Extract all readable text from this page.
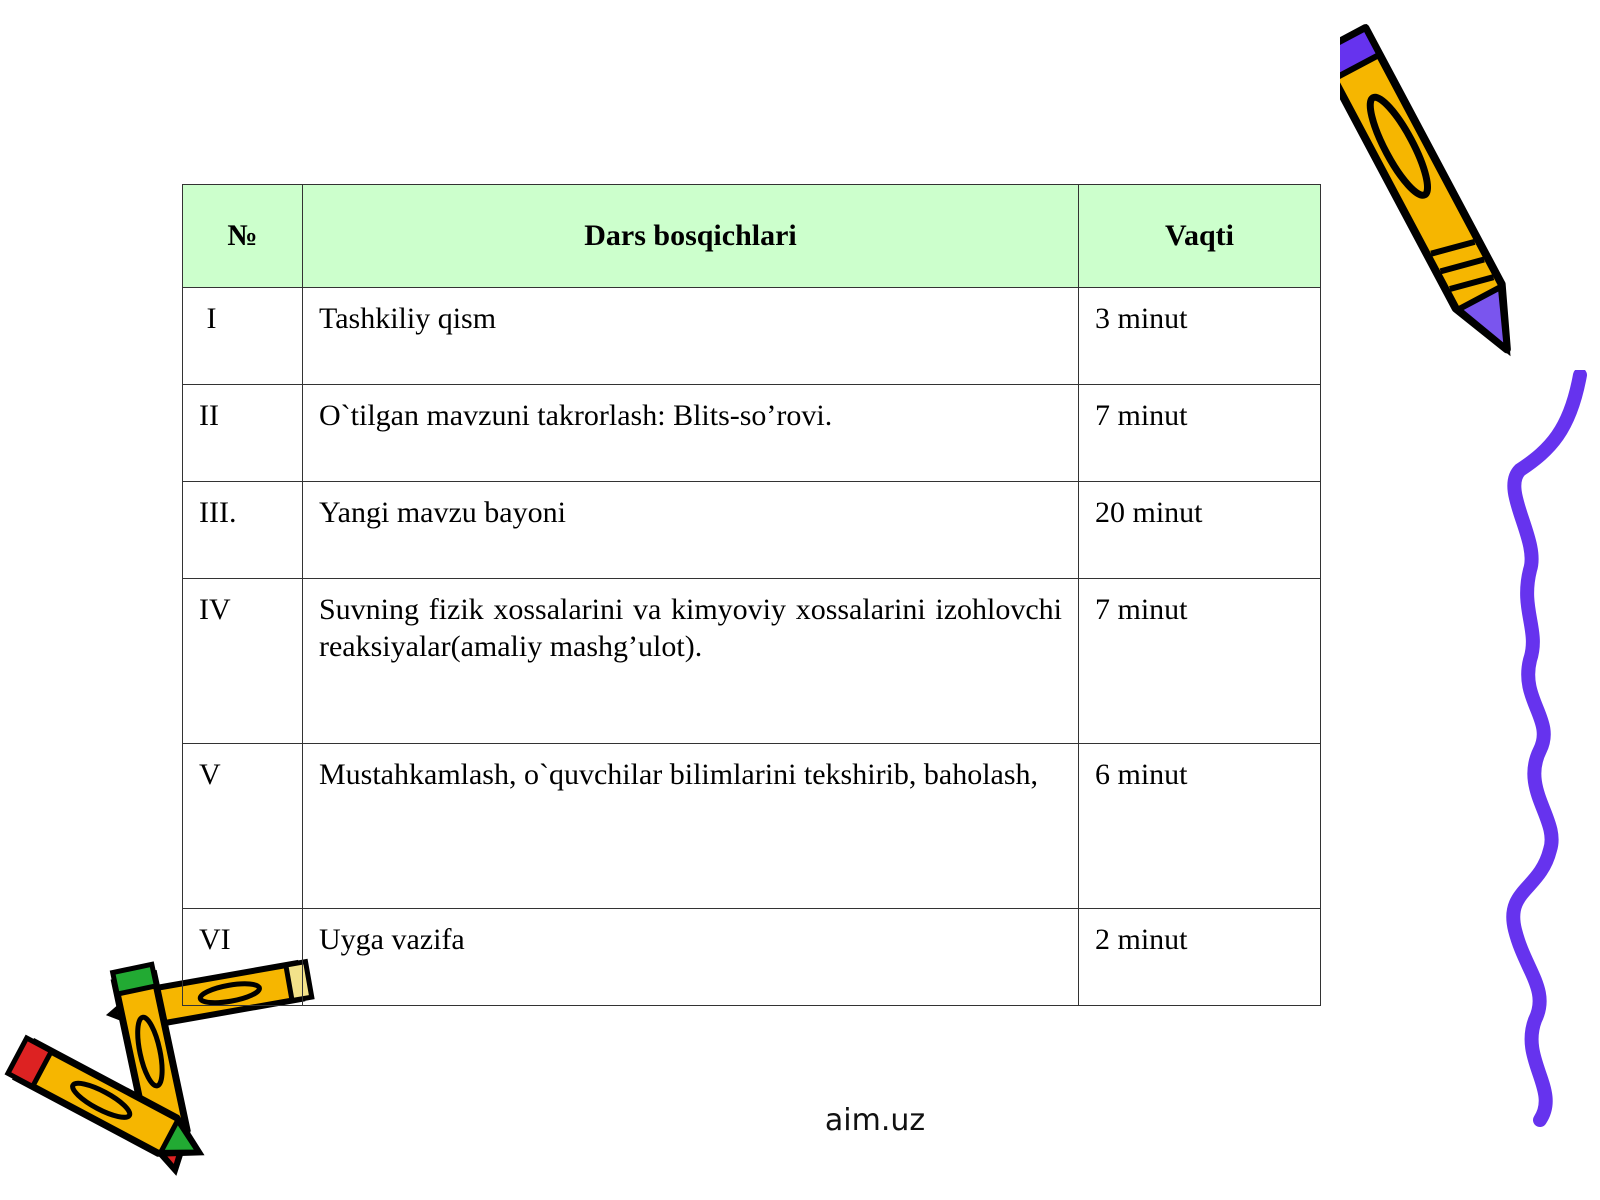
№	Dars bosqichlari	Vaqti
I	Tashkiliy qism	3 minut
II	O`tilgan mavzuni takrorlash: Blits-so’rovi.	7 minut
III.	Yangi mavzu bayoni	20 minut
IV	Suvning fizik xossalarini va kimyoviy xossalarini izohlovchi reaksiyalar(amaliy mashg’ulot).	7 minut
V	Mustahkamlash, o`quvchilar bilimlarini tekshirib, baholash,	6 minut
VI	Uyga vazifa	2 minut
aim.uz
